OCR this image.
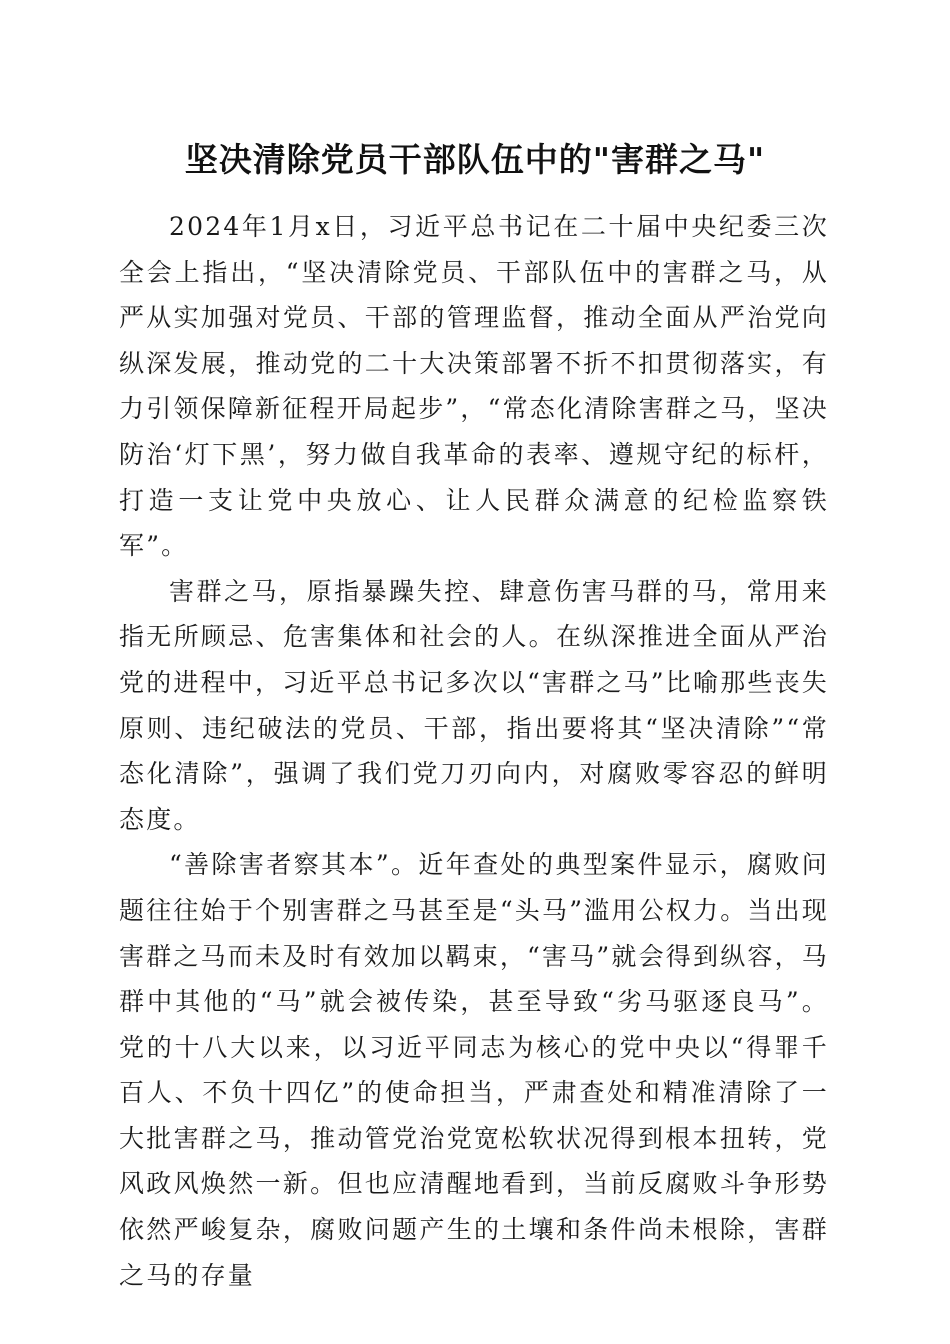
坚决清除党员干部队伍中的"害群之马"

2024年1月x日，习近平总书记在二十届中央纪委三次全会上指出，“坚决清除党员、干部队伍中的害群之马，从严从实加强对党员、干部的管理监督，推动全面从严治党向纵深发展，推动党的二十大决策部署不折不扣贯彻落实，有力引领保障新征程开局起步”，“常态化清除害群之马，坚决防治‘灯下黑’，努力做自我革命的表率、遵规守纪的标杆，打造一支让党中央放心、让人民群众满意的纪检监察铁军”。

害群之马，原指暴躁失控、肆意伤害马群的马，常用来指无所顾忌、危害集体和社会的人。在纵深推进全面从严治党的进程中，习近平总书记多次以“害群之马”比喻那些丧失原则、违纪破法的党员、干部，指出要将其“坚决清除”“常态化清除”，强调了我们党刀刃向内，对腐败零容忍的鲜明态度。

“善除害者察其本”。近年查处的典型案件显示，腐败问题往往始于个别害群之马甚至是“头马”滥用公权力。当出现害群之马而未及时有效加以羁束，“害马”就会得到纵容，马群中其他的“马”就会被传染，甚至导致“劣马驱逐良马”。党的十八大以来，以习近平同志为核心的党中央以“得罪千百人、不负十四亿”的使命担当，严肃查处和精准清除了一大批害群之马，推动管党治党宽松软状况得到根本扭转，党风政风焕然一新。但也应清醒地看到，当前反腐败斗争形势依然严峻复杂，腐败问题产生的土壤和条件尚未根除，害群之马的存量
